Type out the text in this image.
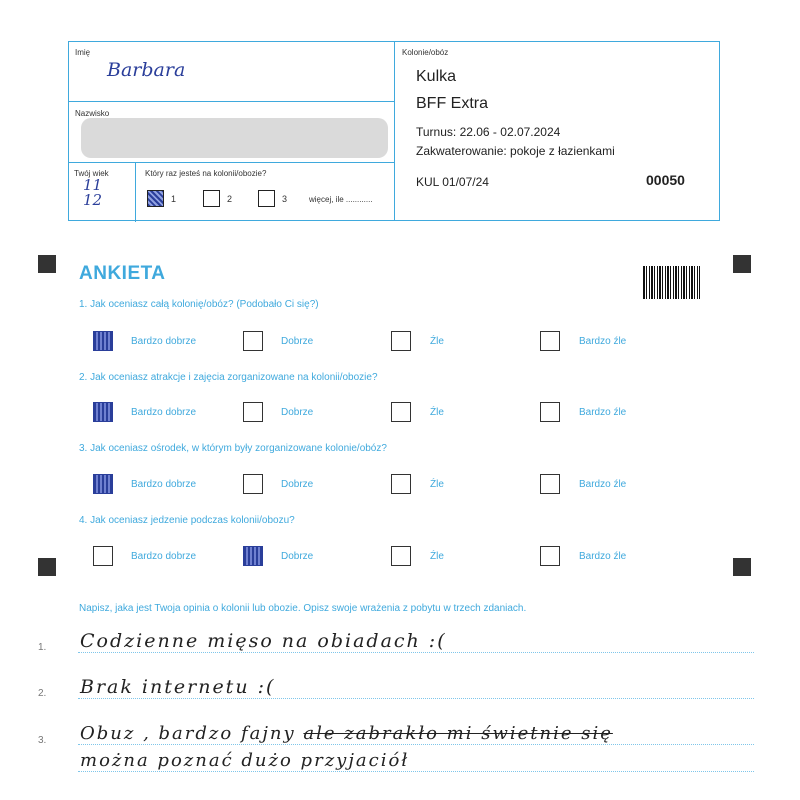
Imię
Barbara
Nazwisko
Twój wiek
11
12
Który raz jesteś na kolonii/obozie?
1	2	3	więcej, ile ............
Kolonie/obóz
Kulka
BFF Extra
Turnus: 22.06 - 02.07.2024
Zakwaterowanie: pokoje z łazienkami
KUL 01/07/24	00050
ANKIETA
1. Jak oceniasz całą kolonię/obóz? (Podobało Ci się?)
Bardzo dobrze	Dobrze	Źle	Bardzo źle
2. Jak oceniasz atrakcje i zajęcia zorganizowane na kolonii/obozie?
Bardzo dobrze	Dobrze	Źle	Bardzo źle
3. Jak oceniasz ośrodek, w którym były zorganizowane kolonie/obóz?
Bardzo dobrze	Dobrze	Źle	Bardzo źle
4. Jak oceniasz jedzenie podczas kolonii/obozu?
Bardzo dobrze	Dobrze	Źle	Bardzo źle
Napisz, jaka jest Twoja opinia o kolonii lub obozie. Opisz swoje wrażenia z pobytu w trzech zdaniach.
1. Codzienne mięso na obiadach :(
2. Brak internetu :(
3. Obuz , bardzo fajny ale zabrakło mi świetnie się
można poznać dużo przyjaciół
